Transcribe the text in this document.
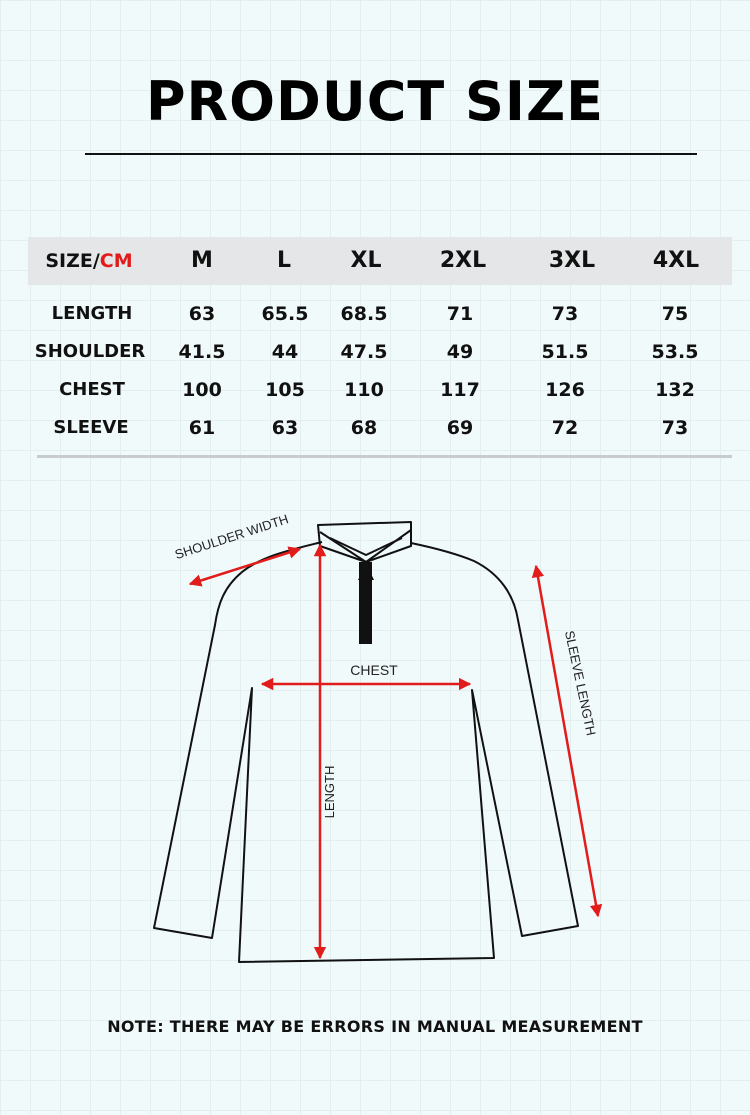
PRODUCT SIZE
SIZE/CM	M	L	XL	2XL	3XL	4XL
LENGTH	63 65.5 68.5	71	73	75
SHOULDER 41.5 44 47.5	49	51.5	53.5
CHEST	100 105 110	117	126	132
SLEEVE	61	63	68	69	72	73
SHOULDER WIDTH
CHEST
LENGTH
SLEEVE LENGTH
NOTE: THERE MAY BE ERRORS IN MANUAL MEASUREMENT
